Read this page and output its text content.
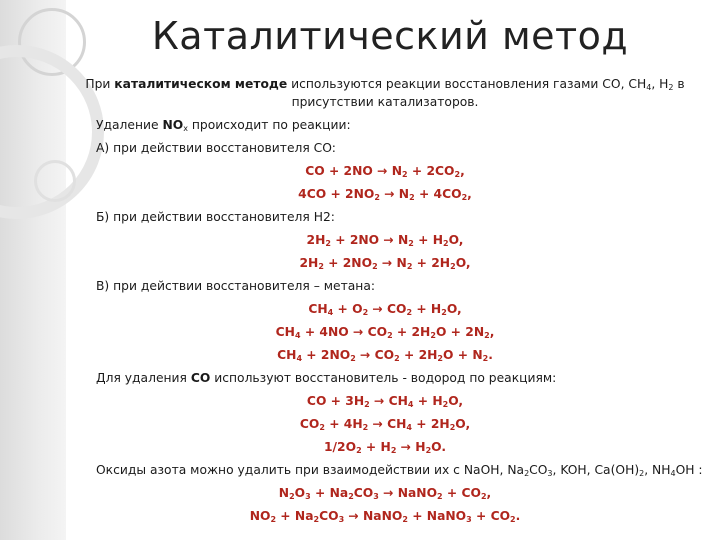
Каталитический метод
При каталитическом методе используются реакции восстановления газами CO, $CH_4$, $H_2$ в
присутствии катализаторов.
Удаление $NO_x$ происходит по реакции:
А) при действии восстановителя CO:
CO + $2NO \to N_2 + 2CO_2$,
$4CO + 2NO_2 \to N_2 + 4CO_2$,
Б) при действии восстановителя H2:
$2H_2 + 2NO \to N_2 + H_2O$,
$2H_2 + 2NO_2 \to N_2 + 2H_2O$,
В) при действии восстановителя – метана:
$CH_4 + O_2 \to CO_2 + H_2O$,
$CH_4 + 4NO \to CO_2 + 2H_2O + 2N_2$,
$CH_4 + 2NO_2 \to CO_2 + 2H_2O + N_2$.
Для удаления CO используют восстановитель - водород по реакциям:
CO + $3H_2 \to CH_4 + H_2O$,
$CO_2 + 4H_2 \to CH_4 + 2H_2O$,
$1/2O_2 + H_2 \to H_2O$.
Оксиды азота можно удалить при взаимодействии их с NaOH, $Na_2CO_3$, KOH, $Ca(OH)_2$, $NH_4OH$ :
$N_2O_3 + Na_2CO_3$ → NaNO$_2$ + $CO_2$,
$NO_2 + Na_2CO_3$ → NaNO$_2$ + NaNO$_3$ + $CO_2$.
